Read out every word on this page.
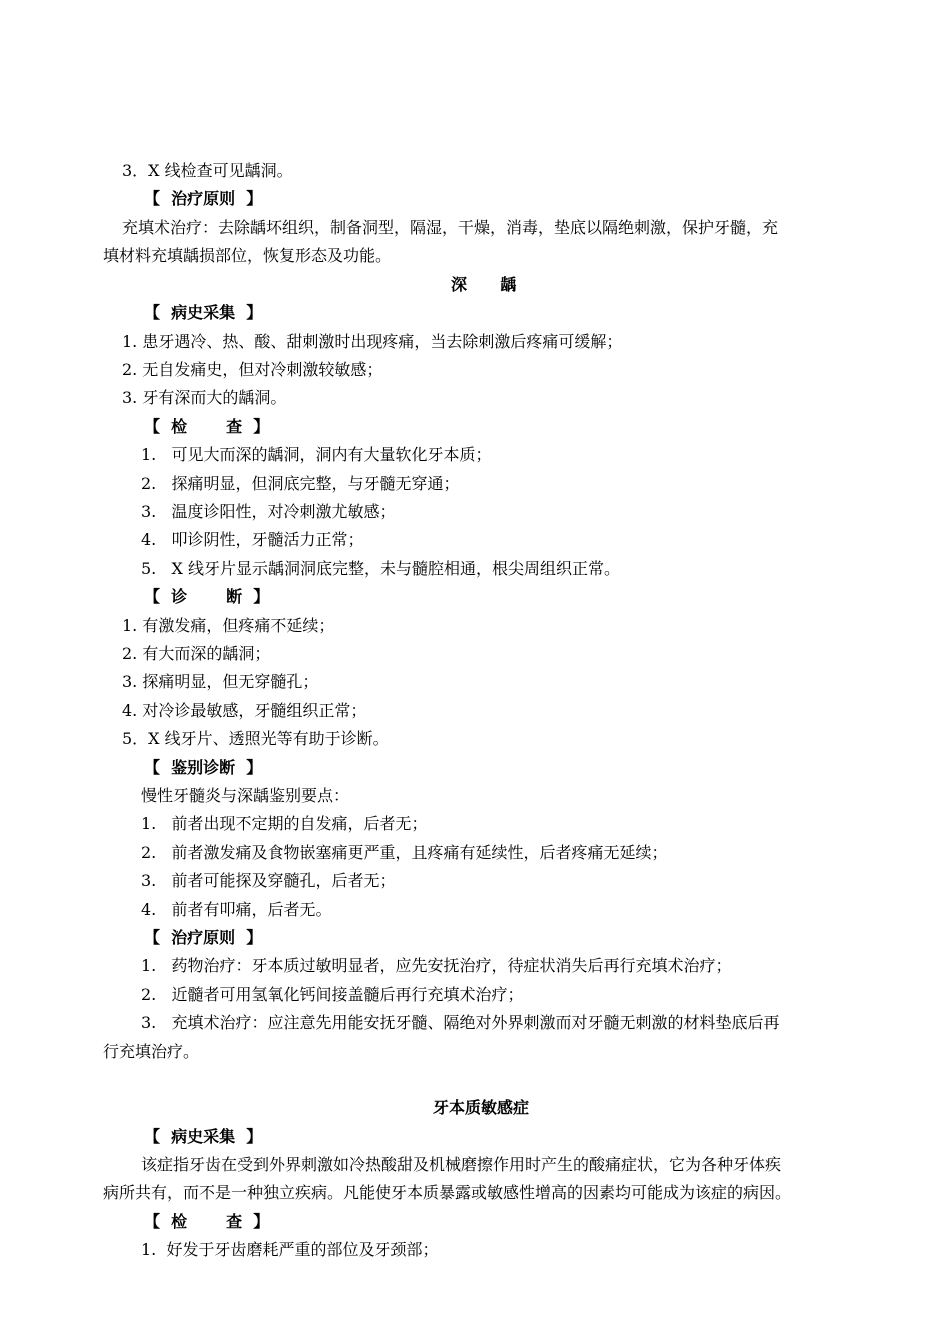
3．X 线检查可见龋洞。
【  治疗原则  】
充填术治疗：去除龋坏组织，制备洞型，隔湿，干燥，消毒，垫底以隔绝刺激，保护牙髓，充
填材料充填龋损部位，恢复形态及功能。
深      龋
【  病史采集  】
1. 患牙遇冷、热、酸、甜刺激时出现疼痛，当去除刺激后疼痛可缓解；
2. 无自发痛史，但对冷刺激较敏感；
3. 牙有深而大的龋洞。
【  检       查  】
1.   可见大而深的龋洞，洞内有大量软化牙本质；
2.   探痛明显，但洞底完整，与牙髓无穿通；
3.   温度诊阳性，对冷刺激尤敏感；
4.   叩诊阴性，牙髓活力正常；
5.   X 线牙片显示龋洞洞底完整，未与髓腔相通，根尖周组织正常。
【  诊       断  】
1. 有激发痛，但疼痛不延续；
2. 有大而深的龋洞；
3. 探痛明显，但无穿髓孔；
4. 对冷诊最敏感，牙髓组织正常；
5．X 线牙片、透照光等有助于诊断。
【  鉴别诊断  】
慢性牙髓炎与深龋鉴别要点：
1.   前者出现不定期的自发痛，后者无；
2.   前者激发痛及食物嵌塞痛更严重，且疼痛有延续性，后者疼痛无延续；
3.   前者可能探及穿髓孔，后者无；
4.   前者有叩痛，后者无。
【  治疗原则  】
1.   药物治疗：牙本质过敏明显者，应先安抚治疗，待症状消失后再行充填术治疗；
2.   近髓者可用氢氧化钙间接盖髓后再行充填术治疗；
3.   充填术治疗：应注意先用能安抚牙髓、隔绝对外界刺激而对牙髓无刺激的材料垫底后再
行充填治疗。
牙本质敏感症
【  病史采集  】
该症指牙齿在受到外界刺激如冷热酸甜及机械磨擦作用时产生的酸痛症状，它为各种牙体疾
病所共有，而不是一种独立疾病。凡能使牙本质暴露或敏感性增高的因素均可能成为该症的病因。
【  检       查  】
1.  好发于牙齿磨耗严重的部位及牙颈部；
